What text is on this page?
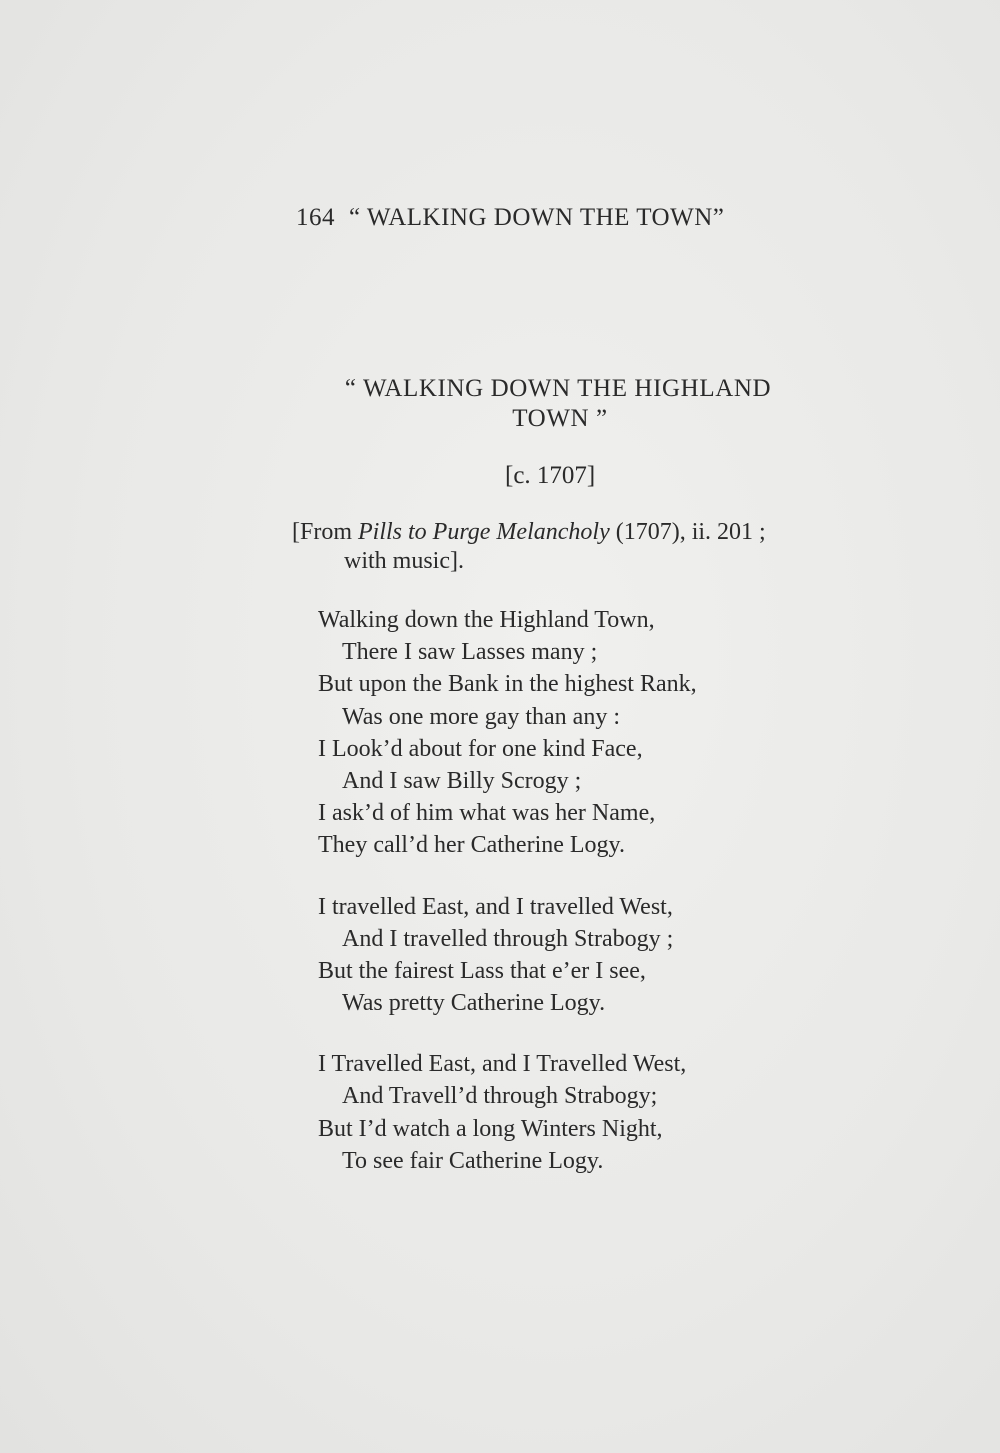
164 “ WALKING DOWN THE TOWN”
“ WALKING DOWN THE HIGHLAND
TOWN ”
[c. 1707]
[From Pills to Purge Melancholy (1707), ii. 201 ;
with music].
Walking down the Highland Town,
There I saw Lasses many ;
But upon the Bank in the highest Rank,
Was one more gay than any :
I Look’d about for one kind Face,
And I saw Billy Scrogy ;
I ask’d of him what was her Name,
They call’d her Catherine Logy.
I travelled East, and I travelled West,
And I travelled through Strabogy ;
But the fairest Lass that e’er I see,
Was pretty Catherine Logy.
I Travelled East, and I Travelled West,
And Travell’d through Strabogy;
But I’d watch a long Winters Night,
To see fair Catherine Logy.
